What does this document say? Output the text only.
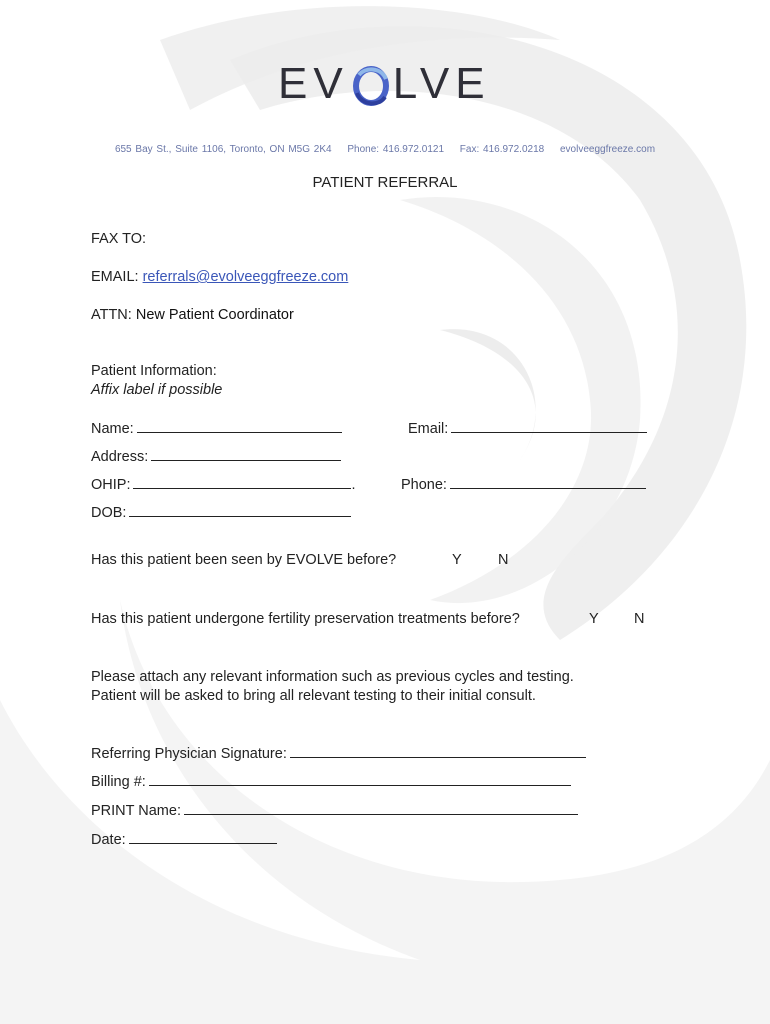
EV LVE
655 Bay St., Suite 1106, Toronto, ON M5G 2K4 Phone: 416.972.0121 Fax: 416.972.0218 evolveeggfreeze.com
PATIENT REFERRAL
FAX TO:
EMAIL: referrals@evolveeggfreeze.com
ATTN: New Patient Coordinator
Patient Information:
Affix label if possible
Name:	Email:
Address:
OHIP:	.	Phone:
DOB:
Has this patient been seen by EVOLVE before?	Y	N
Has this patient undergone fertility preservation treatments before?	Y N
Please attach any relevant information such as previous cycles and testing.
Patient will be asked to bring all relevant testing to their initial consult.
Referring Physician Signature:
Billing #:
PRINT Name:
Date:
